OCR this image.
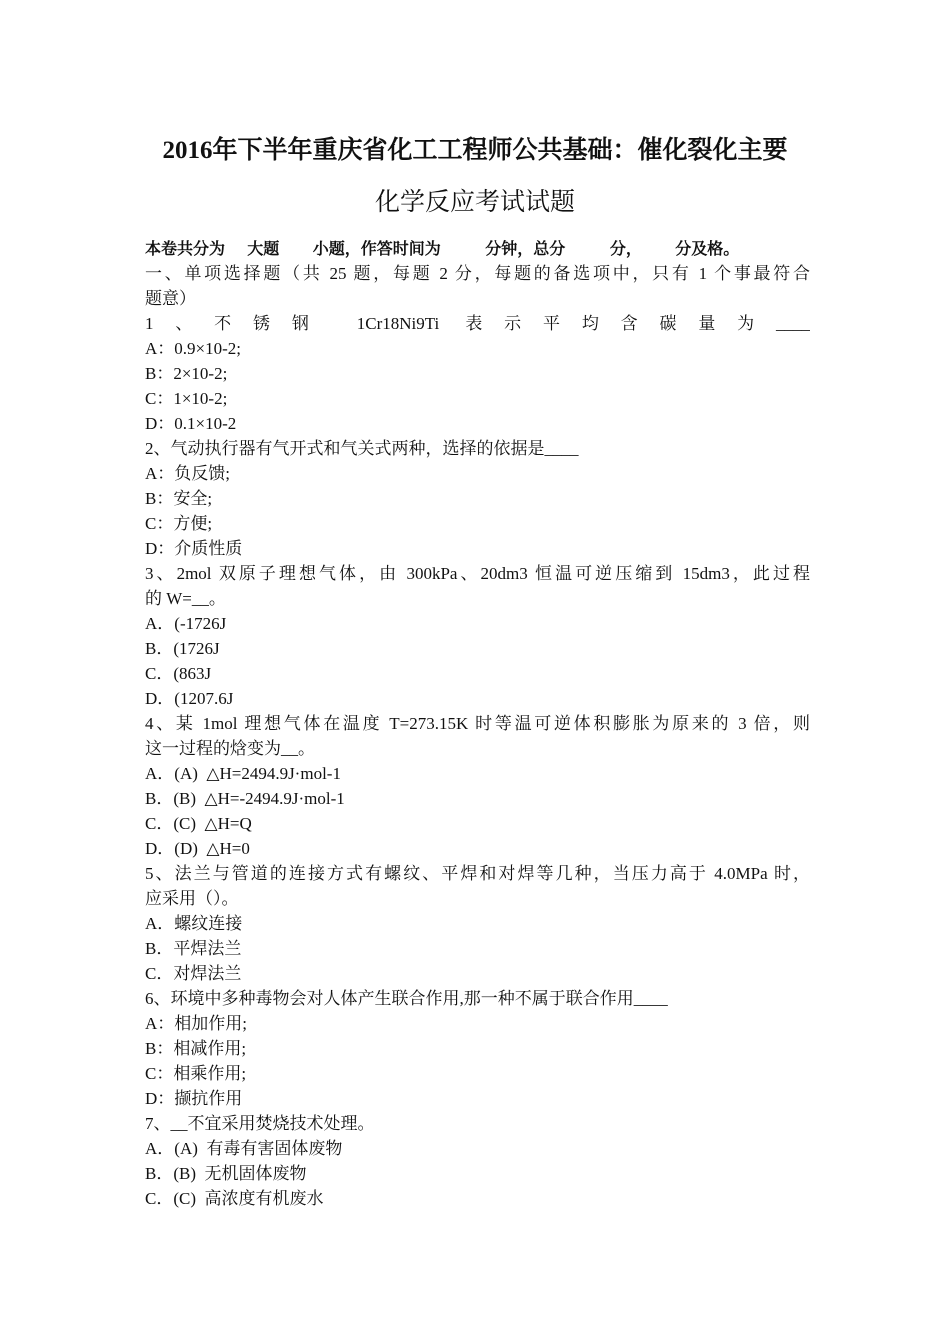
2016年下半年重庆省化工工程师公共基础：催化裂化主要
化学反应考试试题
本卷共分为    大题      小题，作答时间为        分钟，总分        分，      分及格。
一、单项选择题（共 25 题，每题 2 分，每题的备选项中，只有 1 个事最符合
题意）
1、不锈钢 1Cr18Ni9Ti 表示平均含碳量为____
A：0.9×10-2;
B：2×10-2;
C：1×10-2;
D：0.1×10-2
2、气动执行器有气开式和气关式两种，选择的依据是____
A：负反馈;
B：安全;
C：方便;
D：介质性质
3、2mol 双原子理想气体，由 300kPa、20dm3 恒温可逆压缩到 15dm3，此过程
的 W=__。
A．(-1726J
B．(1726J
C．(863J
D．(1207.6J
4、某 1mol 理想气体在温度 T=273.15K 时等温可逆体积膨胀为原来的 3 倍，则
这一过程的焓变为__。
A．(A)  △H=2494.9J·mol-1
B．(B)  △H=-2494.9J·mol-1
C．(C)  △H=Q
D．(D)  △H=0
5、法兰与管道的连接方式有螺纹、平焊和对焊等几种，当压力高于 4.0MPa 时，
应采用（）。
A．螺纹连接
B．平焊法兰
C．对焊法兰
6、环境中多种毒物会对人体产生联合作用,那一种不属于联合作用____
A：相加作用;
B：相减作用;
C：相乘作用;
D：撷抗作用
7、__不宜采用焚烧技术处理。
A．(A)  有毒有害固体废物
B．(B)  无机固体废物
C．(C)  高浓度有机废水
